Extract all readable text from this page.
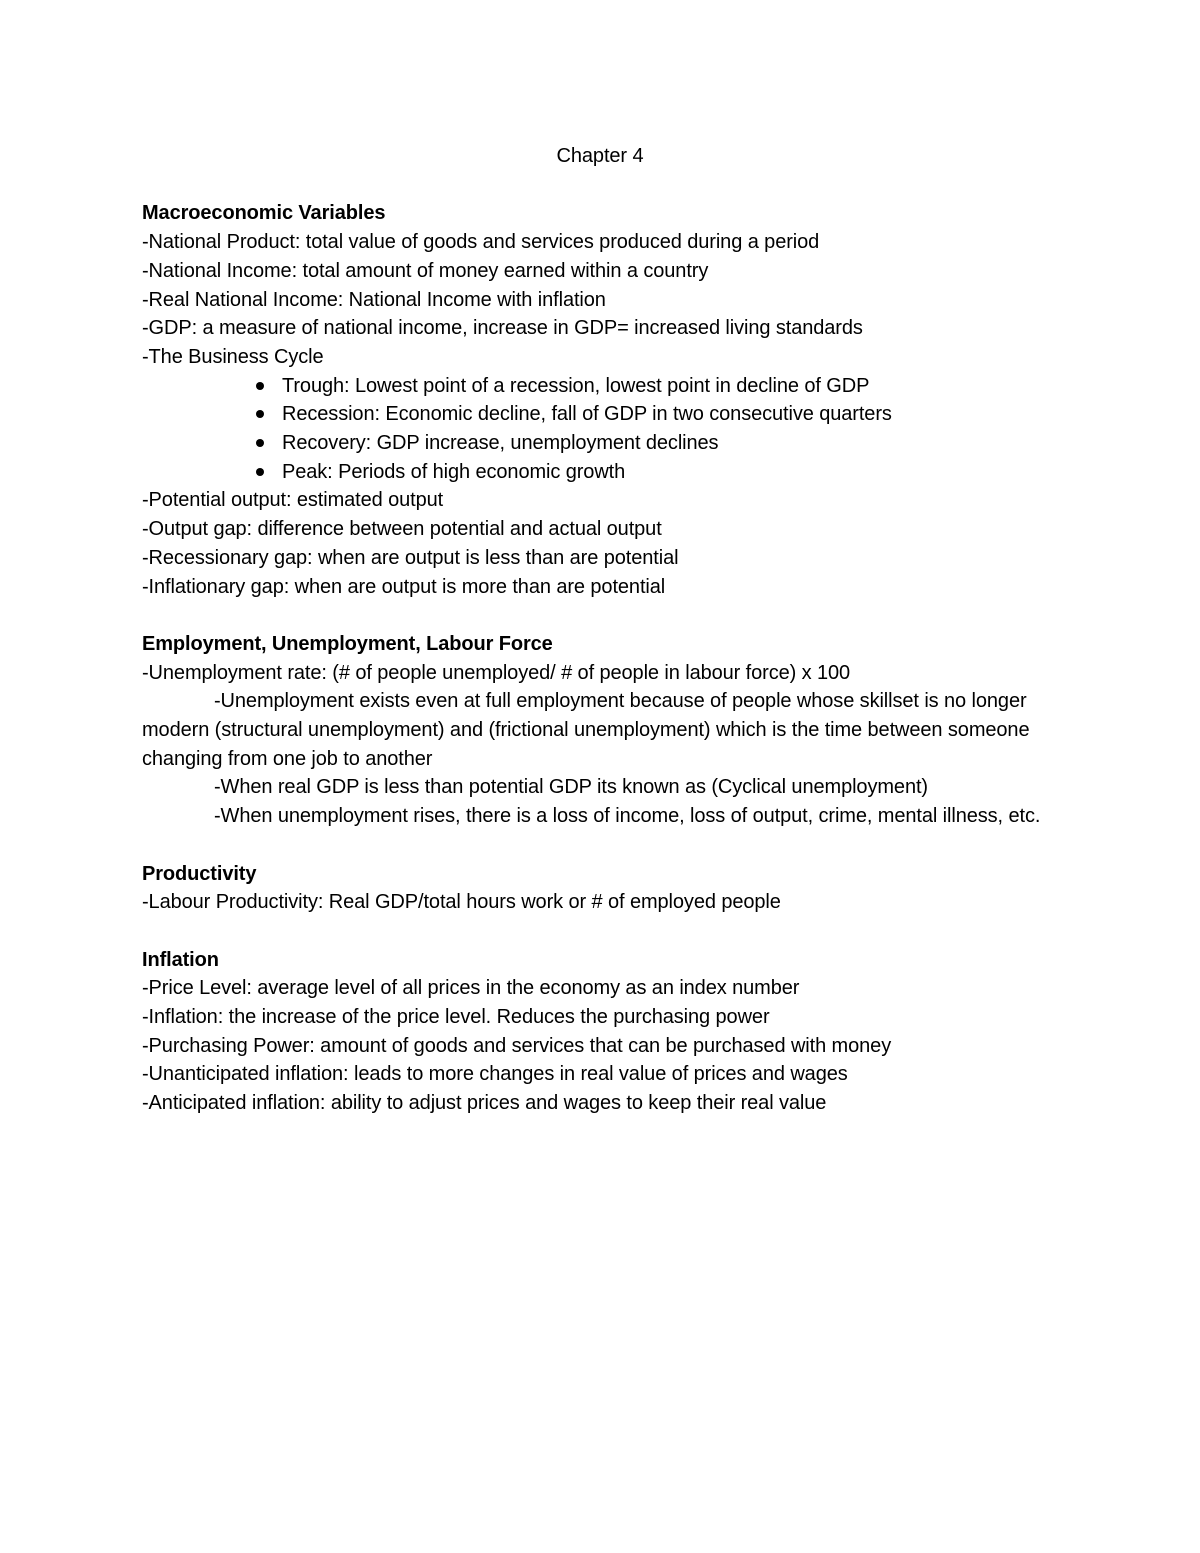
Chapter 4

Macroeconomic Variables

-National Product: total value of goods and services produced during a period

-National Income: total amount of money earned within a country

-Real National Income: National Income with inflation

-GDP: a measure of national income, increase in GDP= increased living standards

-The Business Cycle

Trough: Lowest point of a recession, lowest point in decline of GDP
Recession: Economic decline, fall of GDP in two consecutive quarters
Recovery: GDP increase, unemployment declines
Peak: Periods of high economic growth

-Potential output: estimated output

-Output gap: difference between potential and actual output

-Recessionary gap: when are output is less than are potential

-Inflationary gap: when are output is more than are potential

Employment, Unemployment, Labour Force

-Unemployment rate: (# of people unemployed/ # of people in labour force) x 100

-Unemployment exists even at full employment because of people whose skillset is no longer modern (structural unemployment) and (frictional unemployment) which is the time between someone changing from one job to another

-When real GDP is less than potential GDP its known as (Cyclical unemployment)

-When unemployment rises, there is a loss of income, loss of output, crime, mental illness, etc.

Productivity

-Labour Productivity: Real GDP/total hours work or # of employed people

Inflation

-Price Level: average level of all prices in the economy as an index number

-Inflation: the increase of the price level. Reduces the purchasing power

-Purchasing Power: amount of goods and services that can be purchased with money

-Unanticipated inflation: leads to more changes in real value of prices and wages

-Anticipated inflation: ability to adjust prices and wages to keep their real value
